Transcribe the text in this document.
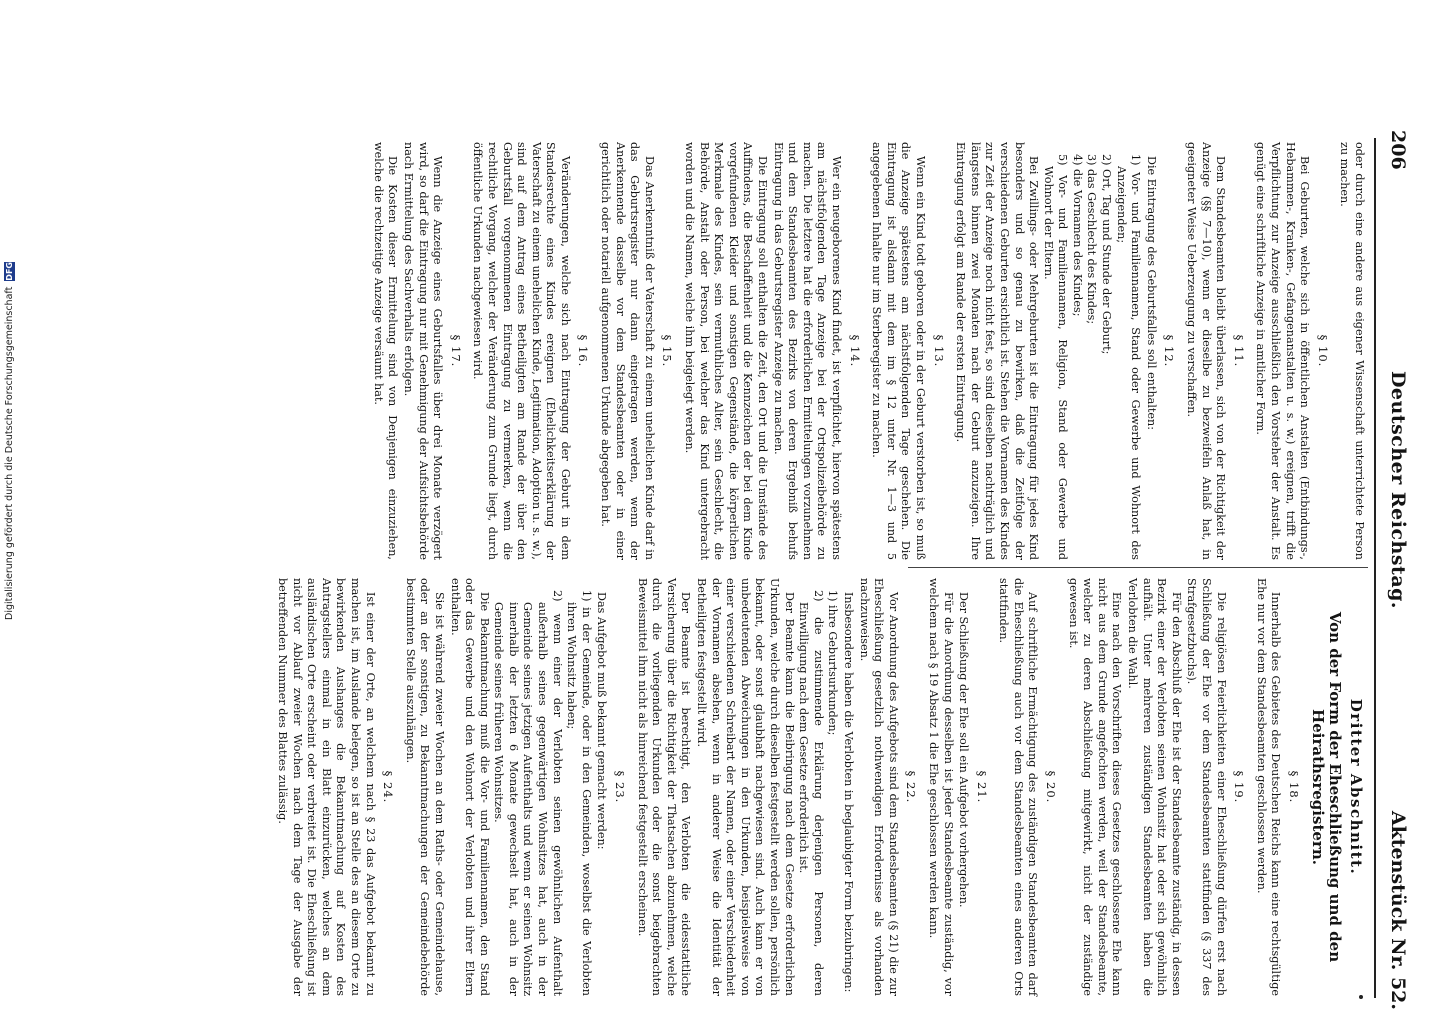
206
Deutscher Reichstag.
Aktenstück Nr. 52.

oder durch eine andere aus eigener Wissenschaft unterrichtete Person zu machen.

§ 10.

Bei Geburten, welche sich in öffentlichen Anstalten (Entbindungs-, Hebammen-, Kranken-, Gefangenanstalten u. s. w.) ereignen, trifft die Verpflichtung zur Anzeige ausschließlich den Vorsteher der Anstalt. Es genügt eine schriftliche Anzeige in amtlicher Form.

§ 11.

Dem Standesbeamten bleibt überlassen, sich von der Richtigkeit der Anzeige (§§ 7—10), wenn er dieselbe zu bezweifeln Anlaß hat, in geeigneter Weise Ueberzeugung zu verschaffen.

§ 12.

Die Eintragung des Geburtsfalles soll enthalten:

1) Vor- und Familiennamen, Stand oder Gewerbe und Wohnort des Anzeigenden;

2) Ort, Tag und Stunde der Geburt;

3) das Geschlecht des Kindes;

4) die Vornamen des Kindes;

5) Vor- und Familiennamen, Religion, Stand oder Gewerbe und Wohnort der Eltern.

Bei Zwillings- oder Mehrgeburten ist die Eintragung für jedes Kind besonders und so genau zu bewirken, daß die Zeitfolge der verschiedenen Geburten ersichtlich ist. Stehen die Vornamen des Kindes zur Zeit der Anzeige noch nicht fest, so sind dieselben nachträglich und längstens binnen zwei Monaten nach der Geburt anzuzeigen. Ihre Eintragung erfolgt am Rande der ersten Eintragung.

§ 13.

Wenn ein Kind todt geboren oder in der Geburt verstorben ist, so muß die Anzeige spätestens am nächstfolgenden Tage geschehen. Die Eintragung ist alsdann mit dem im § 12 unter Nr. 1—3 und 5 angegebenen Inhalte nur im Sterberegister zu machen.

§ 14.

Wer ein neugeborenes Kind findet, ist verpflichtet, hiervon spätestens am nächstfolgenden Tage Anzeige bei der Ortspolizeibehörde zu machen. Die letztere hat die erforderlichen Ermittelungen vorzunehmen und dem Standesbeamten des Bezirks von deren Ergebniß behufs Eintragung in das Geburtsregister Anzeige zu machen.

Die Eintragung soll enthalten die Zeit, den Ort und die Umstände des Auffindens, die Beschaffenheit und die Kennzeichen der bei dem Kinde vorgefundenen Kleider und sonstigen Gegenstände, die körperlichen Merkmale des Kindes, sein vermuthliches Alter, sein Geschlecht, die Behörde, Anstalt oder Person, bei welcher das Kind untergebracht worden und die Namen, welche ihm beigelegt werden.

§ 15.

Das Anerkenntniß der Vaterschaft zu einem unehelichen Kinde darf in das Geburtsregister nur dann eingetragen werden, wenn der Anerkennende dasselbe vor dem Standesbeamten oder in einer gerichtlich oder notariell aufgenommenen Urkunde abgegeben hat.

§ 16.

Veränderungen, welche sich nach Eintragung der Geburt in dem Standesrechte eines Kindes ereignen (Ehelichkeitserklärung der Vaterschaft zu einem unehelichen Kinde, Legitimation, Adoption u. s. w.), sind auf dem Antrag eines Betheiligten am Rande der über den Geburtsfall vorgenommenen Eintragung zu vermerken, wenn die rechtliche Vorgang, welcher der Veränderung zum Grunde liegt, durch öffentliche Urkunden nachgewiesen wird.

§ 17.

Wenn die Anzeige eines Geburtsfalles über drei Monate verzögert wird, so darf die Eintragung nur mit Genehmigung der Aufsichtsbehörde nach Ermittelung des Sachverhalts erfolgen.

Die Kosten dieser Ermittelung sind von Denjenigen einzuziehen, welche die rechtzeitige Anzeige versäumt hat.

Dritter Abschnitt.
Von der Form der Eheschließung und den Heirathsregistern.
§ 18.

Innerhalb des Gebietes des Deutschen Reichs kann eine rechtsgültige Ehe nur vor dem Standesbeamten geschlossen werden.

§ 19.

Die religiösen Feierlichkeiten einer Eheschließung dürfen erst nach Schließung der Ehe vor dem Standesbeamten stattfinden (§ 337 des Strafgesetzbuchs).

Für den Abschluß der Ehe ist der Standesbeamte zuständig, in dessen Bezirk einer der Verlobten seinen Wohnsitz hat oder sich gewöhnlich aufhält. Unter mehreren zuständigen Standesbeamten haben die Verlobten die Wahl.

Eine nach den Vorschriften dieses Gesetzes geschlossene Ehe kann nicht aus dem Grunde angefochten werden, weil der Standesbeamte, welcher zu deren Abschließung mitgewirkt, nicht der zuständige gewesen ist.

§ 20.

Auf schriftliche Ermächtigung des zuständigen Standesbeamten darf die Eheschließung auch vor dem Standesbeamten eines anderen Orts stattfinden.

§ 21.

Der Schließung der Ehe soll ein Aufgebot vorhergehen.

Für die Anordnung desselben ist jeder Standesbeamte zuständig, vor welchem nach § 19 Absatz 1 die Ehe geschlossen werden kann.

§ 22.

Vor Anordnung des Aufgebots sind dem Standesbeamten (§ 21) die zur Eheschließung gesetzlich nothwendigen Erfordernisse als vorhanden nachzuweisen.

Insbesondere haben die Verlobten in beglaubigter Form beizubringen:

1) ihre Geburtsurkunden;

2) die zustimmende Erklärung derjenigen Personen, deren Einwilligung nach dem Gesetze erforderlich ist.

Der Beamte kann die Beibringung nach dem Gesetze erforderlichen Urkunden, welche durch dieselben festgestellt werden sollen, persönlich bekannt, oder sonst glaubhaft nachgewiesen sind. Auch kann er von unbedeutenden Abweichungen in den Urkunden, beispielsweise von einer verschiedenen Schreibart der Namen, oder einer Verschiedenheit der Vornamen absehen, wenn in anderer Weise die Identität der Betheiligten festgestellt wird.

Der Beamte ist berechtigt, den Verlobten die eidesstattliche Versicherung über die Richtigkeit der Thatsachen abzunehmen, welche durch die vorliegenden Urkunden oder die sonst beigebrachten Beweismittel ihm nicht als hinreichend festgestellt erscheinen.

§ 23.

Das Aufgebot muß bekannt gemacht werden:

1) in der Gemeinde, oder in den Gemeinden, woselbst die Verlobten ihren Wohnsitz haben;

2) wenn einer der Verlobten seinen gewöhnlichen Aufenthalt außerhalb seines gegenwärtigen Wohnsitzes hat, auch in der Gemeinde seines jetzigen Aufenthalts und wenn er seinen Wohnsitz innerhalb der letzten 6 Monate gewechselt hat, auch in der Gemeinde seines früheren Wohnsitzes.

Die Bekanntmachung muß die Vor- und Familiennamen, den Stand oder das Gewerbe und den Wohnort der Verlobten und ihrer Eltern enthalten.

Sie ist während zweier Wochen an dem Raths- oder Gemeindehause, oder an der sonstigen, zu Bekanntmachungen der Gemeindebehörde bestimmten Stelle auszuhängen.

§ 24.

Ist einer der Orte, an welchem nach § 23 das Aufgebot bekannt zu machen ist, im Auslande belegen, so ist an Stelle des an diesem Orte zu bewirkenden Aushanges die Bekanntmachung auf Kosten des Antragstellers einmal in ein Blatt einzurücken, welches an dem ausländischen Orte erscheint oder verbreitet ist. Die Eheschließung ist nicht vor Ablauf zweier Wochen nach dem Tage der Ausgabe der betreffenden Nummer des Blattes zulässig.

Digitalisierung gefördert durch die Deutsche Forschungsgemeinschaft
DFG
